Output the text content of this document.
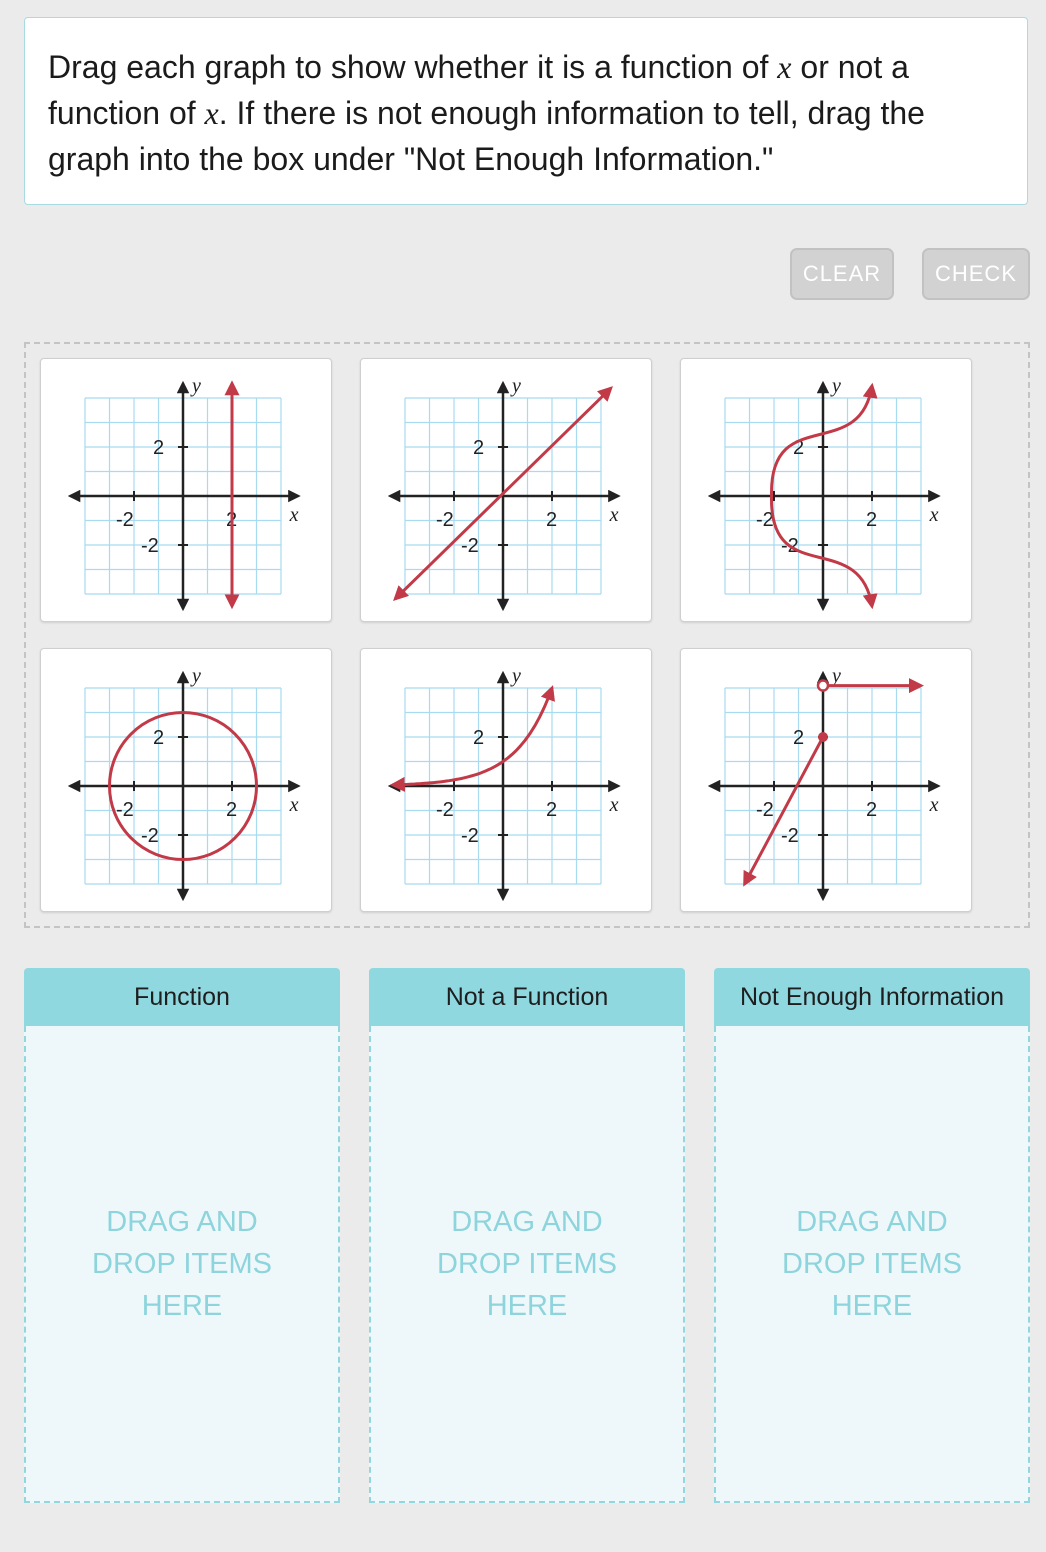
Drag each graph to show whether it is a function of x or not a function of x. If there is not enough information to tell, drag the graph into the box under "Not Enough Information."
CLEAR	CHECK
x
y
2
-2
2
-2
x
y
2
-2
2
-2
x
y
2
-2
2
-2
x
y
2
-2
2
-2
x
y
2
-2
2
-2
x
y
2
-2
2
-2
Function
DRAG AND DROP ITEMS HERE
Not a Function
DRAG AND DROP ITEMS HERE
Not Enough Information
DRAG AND DROP ITEMS HERE
